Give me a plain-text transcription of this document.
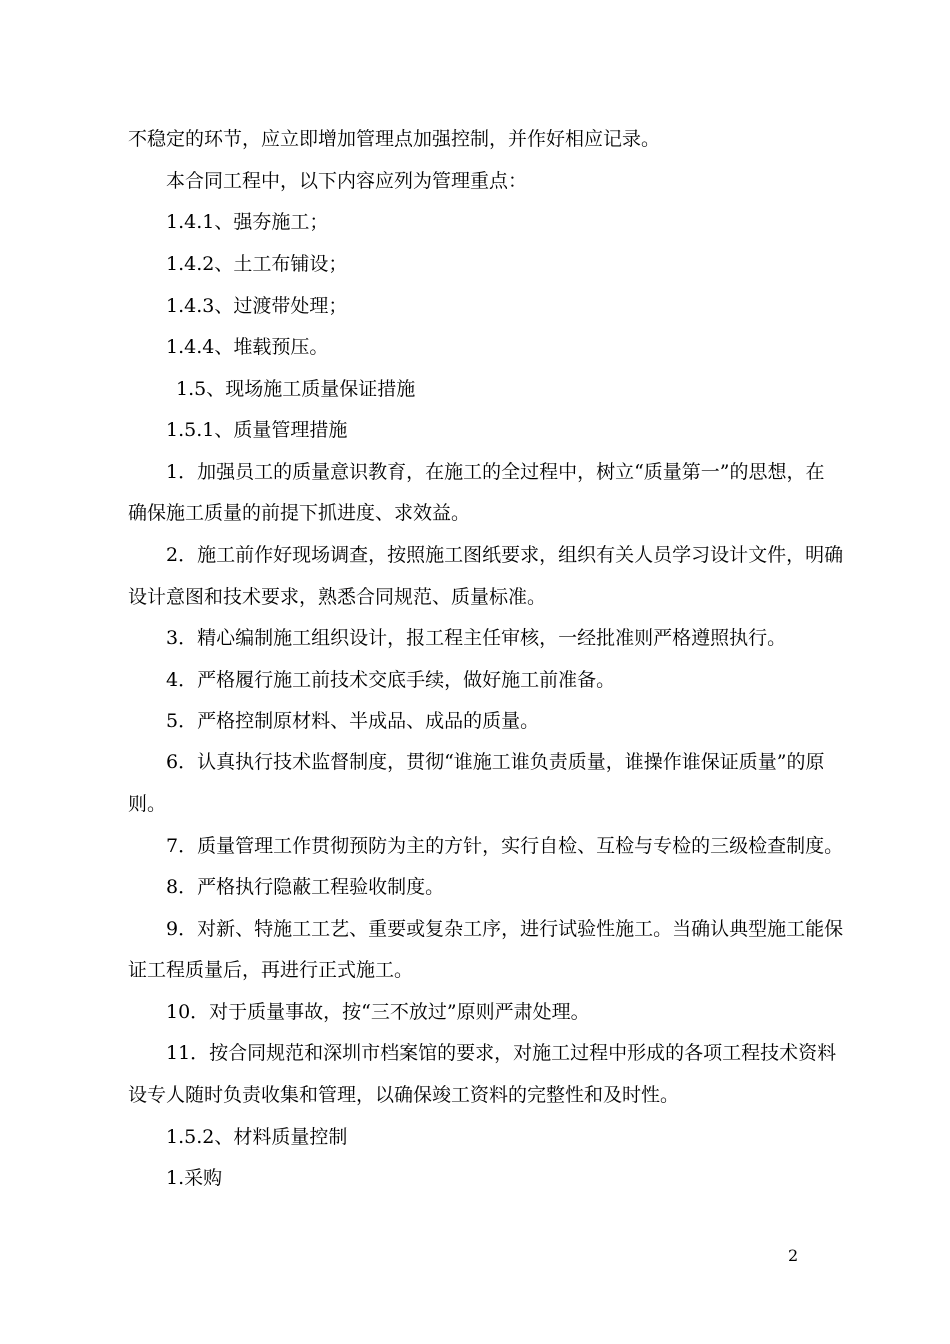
不稳定的环节，应立即增加管理点加强控制，并作好相应记录。
本合同工程中，以下内容应列为管理重点：
1.4.1、强夯施工；
1.4.2、土工布铺设；
1.4.3、过渡带处理；
1.4.4、堆载预压。
1.5、现场施工质量保证措施
1.5.1、质量管理措施
1．加强员工的质量意识教育，在施工的全过程中，树立“质量第一”的思想，在
确保施工质量的前提下抓进度、求效益。
2．施工前作好现场调查，按照施工图纸要求，组织有关人员学习设计文件，明确
设计意图和技术要求，熟悉合同规范、质量标准。
3．精心编制施工组织设计，报工程主任审核，一经批准则严格遵照执行。
4．严格履行施工前技术交底手续，做好施工前准备。
5．严格控制原材料、半成品、成品的质量。
6．认真执行技术监督制度，贯彻“谁施工谁负责质量，谁操作谁保证质量”的原
则。
7．质量管理工作贯彻预防为主的方针，实行自检、互检与专检的三级检查制度。
8．严格执行隐蔽工程验收制度。
9．对新、特施工工艺、重要或复杂工序，进行试验性施工。当确认典型施工能保
证工程质量后，再进行正式施工。
10．对于质量事故，按“三不放过”原则严肃处理。
11．按合同规范和深圳市档案馆的要求，对施工过程中形成的各项工程技术资料
设专人随时负责收集和管理，以确保竣工资料的完整性和及时性。
1.5.2、材料质量控制
1.采购
2
